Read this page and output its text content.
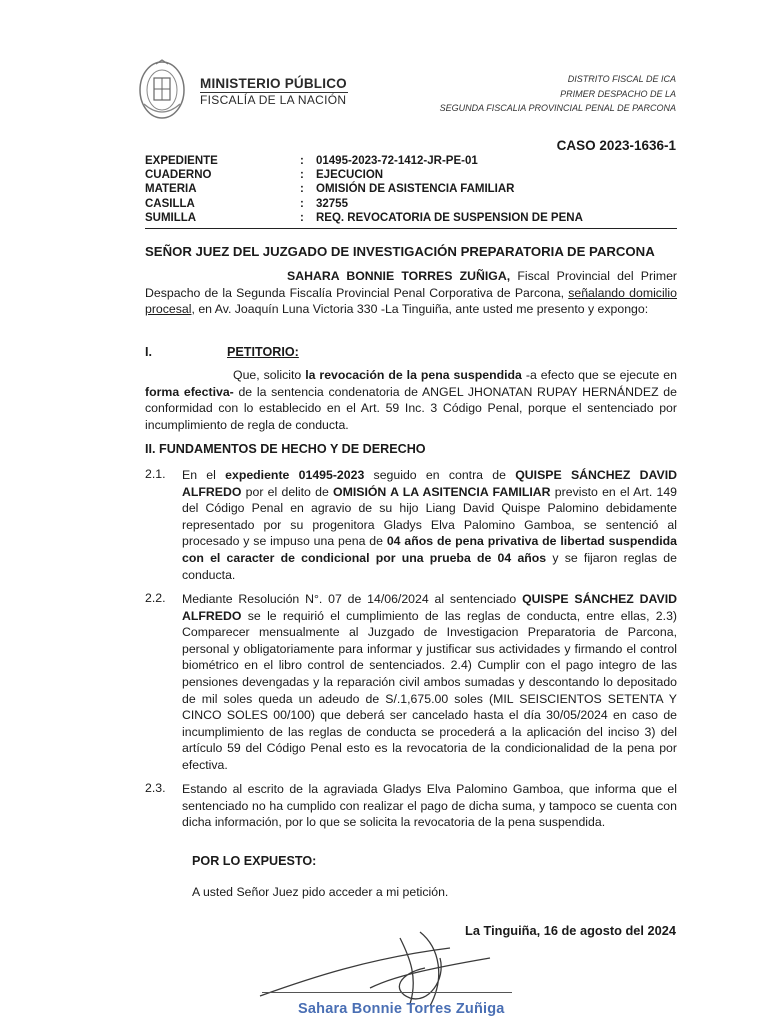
MINISTERIO PÚBLICO
FISCALÍA DE LA NACIÓN
DISTRITO FISCAL DE ICA
PRIMER DESPACHO DE LA
SEGUNDA FISCALIA PROVINCIAL PENAL DE PARCONA
CASO 2023-1636-1
EXPEDIENTE	:	01495-2023-72-1412-JR-PE-01
CUADERNO	:	EJECUCION
MATERIA	:	OMISIÓN DE ASISTENCIA FAMILIAR
CASILLA	:	32755
SUMILLA	:	REQ. REVOCATORIA DE SUSPENSION DE PENA
SEÑOR JUEZ DEL JUZGADO DE INVESTIGACIÓN PREPARATORIA DE PARCONA
SAHARA BONNIE TORRES ZUÑIGA, Fiscal Provincial del Primer Despacho de la Segunda Fiscalía Provincial Penal Corporativa de Parcona, señalando domicilio procesal, en Av. Joaquín Luna Victoria 330 -La Tinguiña, ante usted me presento y expongo:
I.	PETITORIO:
Que, solicito la revocación de la pena suspendida -a efecto que se ejecute en forma efectiva- de la sentencia condenatoria de ANGEL JHONATAN RUPAY HERNÁNDEZ de conformidad con lo establecido en el Art. 59 Inc. 3 Código Penal, porque el sentenciado por incumplimiento de regla de conducta.
II. FUNDAMENTOS DE HECHO Y DE DERECHO
2.1. En el expediente 01495-2023 seguido en contra de QUISPE SÁNCHEZ DAVID ALFREDO por el delito de OMISIÓN A LA ASITENCIA FAMILIAR previsto en el Art. 149 del Código Penal en agravio de su hijo Liang David Quispe Palomino debidamente representado por su progenitora Gladys Elva Palomino Gamboa, se sentenció al procesado y se impuso una pena de 04 años de pena privativa de libertad suspendida con el caracter de condicional por una prueba de 04 años y se fijaron reglas de conducta.
2.2. Mediante Resolución N°. 07 de 14/06/2024 al sentenciado QUISPE SÁNCHEZ DAVID ALFREDO se le requirió el cumplimiento de las reglas de conducta, entre ellas, 2.3) Comparecer mensualmente al Juzgado de Investigacion Preparatoria de Parcona, personal y obligatoriamente para informar y justificar sus actividades y firmando el control biométrico en el libro control de sentenciados. 2.4) Cumplir con el pago integro de las pensiones devengadas y la reparación civil ambos sumadas y descontando lo depositado de mil soles queda un adeudo de S/.1,675.00 soles (MIL SEISCIENTOS SETENTA Y CINCO SOLES 00/100) que deberá ser cancelado hasta el día 30/05/2024 en caso de incumplimiento de las reglas de conducta se procederá a la aplicación del inciso 3) del artículo 59 del Código Penal esto es la revocatoria de la condicionalidad de la pena por efectiva.
2.3. Estando al escrito de la agraviada Gladys Elva Palomino Gamboa, que informa que el sentenciado no ha cumplido con realizar el pago de dicha suma, y tampoco se cuenta con dicha información, por lo que se solicita la revocatoria de la pena suspendida.
POR LO EXPUESTO:
A usted Señor Juez pido acceder a mi petición.
La Tinguiña, 16 de agosto del 2024
Sahara Bonnie Torres Zuñiga
